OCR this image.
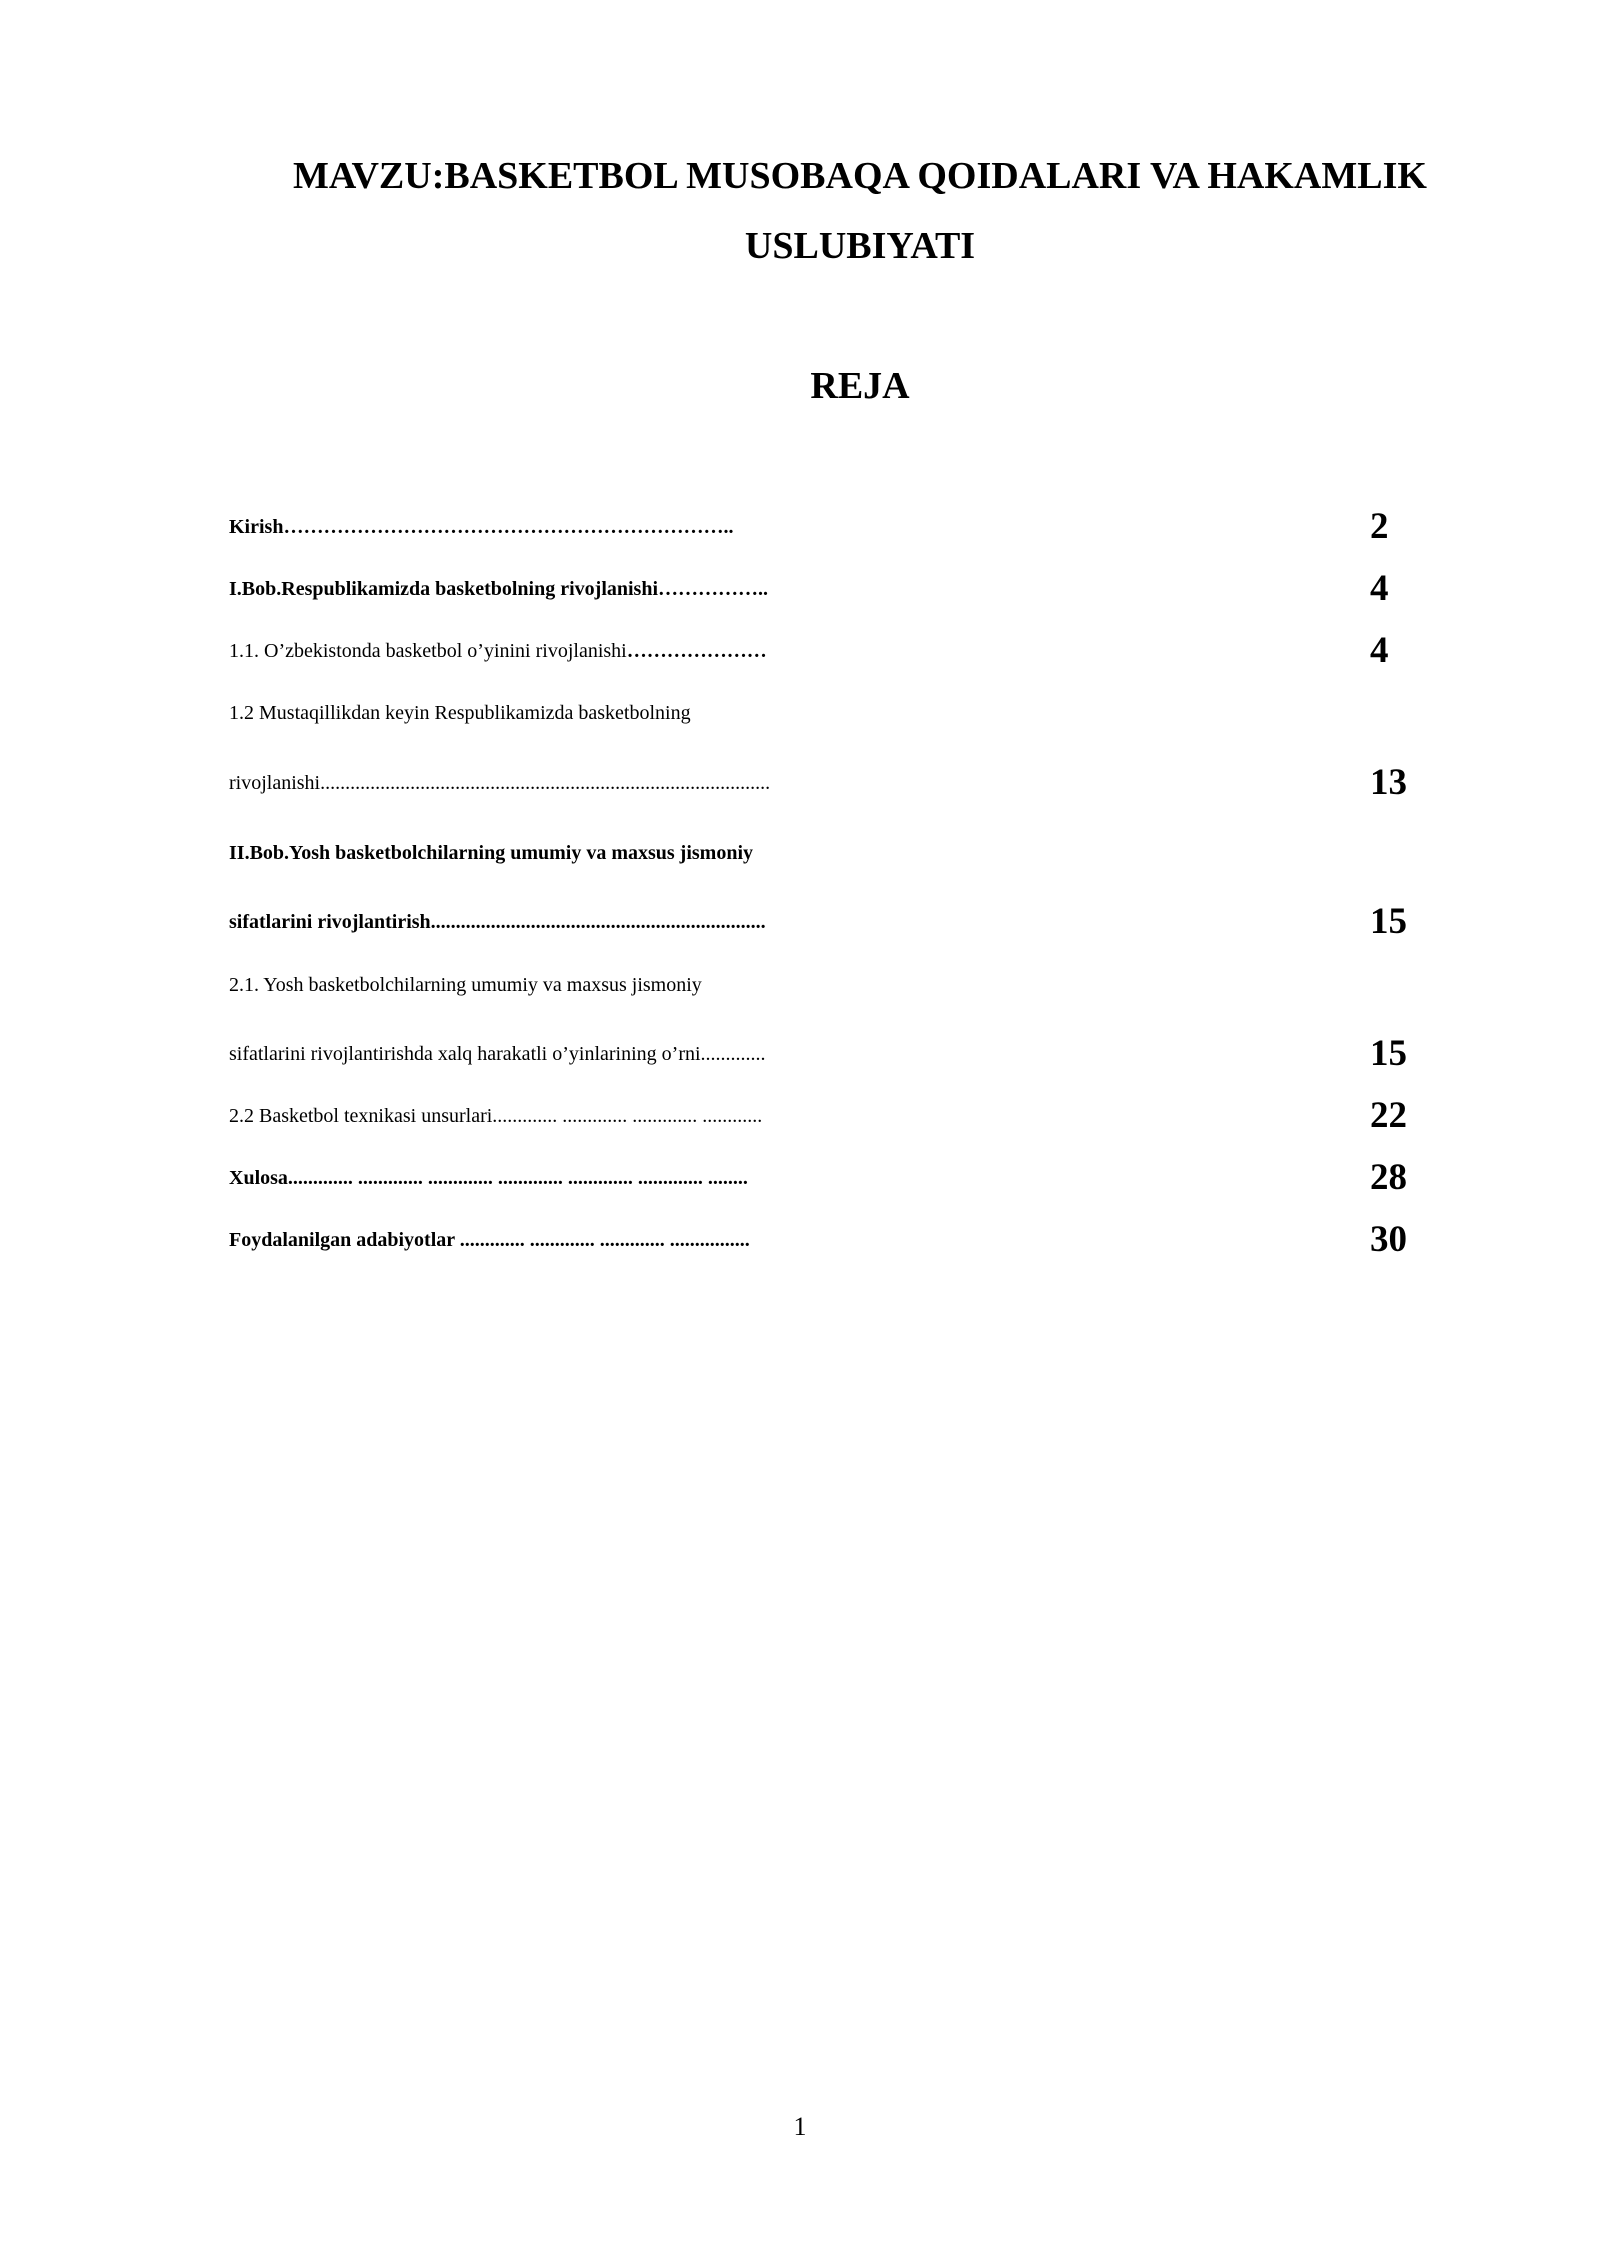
MAVZU:BASKETBOL MUSOBAQA QOIDALARI VA HAKAMLIK
USLUBIYATI
REJA
Kirish…………………………………………………………..	2
I.Bob.Respublikamizda basketbolning rivojlanishi……………..	4
1.1. O’zbekistonda basketbol o’yinini rivojlanishi…………………	4
1.2 Mustaqillikdan keyin Respublikamizda basketbolning
rivojlanishi..........................................................................................	13
II.Bob.Yosh basketbolchilarning umumiy va maxsus jismoniy
sifatlarini rivojlantirish...................................................................	15
2.1. Yosh basketbolchilarning umumiy va maxsus jismoniy
sifatlarini rivojlantirishda xalq harakatli o’yinlarining o’rni.............	15
2.2 Basketbol texnikasi unsurlari............. ............. ............. ............	22
Xulosa............. ............. ............. ............. ............. ............. ........	28
Foydalanilgan adabiyotlar ............. ............. ............. ................	30
1
